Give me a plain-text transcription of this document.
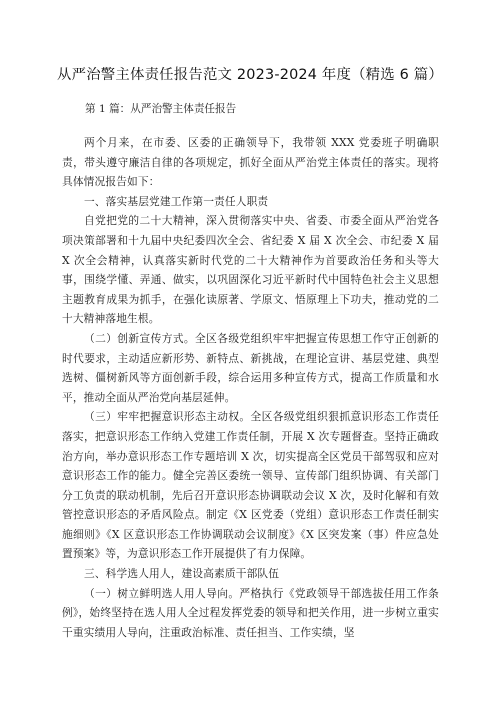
从严治警主体责任报告范文 2023-2024 年度（精选 6 篇）
第 1 篇：从严治警主体责任报告

两个月来，在市委、区委的正确领导下，我带领 XXX 党委班子明确职责，带头遵守廉洁自律的各项规定，抓好全面从严治党主体责任的落实。现将具体情况报告如下：

一、落实基层党建工作第一责任人职责

自党把党的二十大精神，深入贯彻落实中央、省委、市委全面从严治党各项决策部署和十九届中央纪委四次全会、省纪委 X 届 X 次全会、市纪委 X 届 X 次全会精神，认真落实新时代党的二十大精神作为首要政治任务和头等大事，围绕学懂、弄通、做实，以巩固深化习近平新时代中国特色社会主义思想主题教育成果为抓手，在强化读原著、学原文、悟原理上下功夫，推动党的二十大精神落地生根。

（二）创新宣传方式。全区各级党组织牢牢把握宣传思想工作守正创新的时代要求，主动适应新形势、新特点、新挑战，在理论宣讲、基层党建、典型选树、僵树新风等方面创新手段，综合运用多种宣传方式，提高工作质量和水平，推动全面从严治党向基层延伸。

（三）牢牢把握意识形态主动权。全区各级党组织狠抓意识形态工作责任落实，把意识形态工作纳入党建工作责任制，开展 X 次专题督查。坚持正确政治方向，举办意识形态工作专题培训 X 次，切实提高全区党员干部驾驭和应对意识形态工作的能力。健全完善区委统一领导、宣传部门组织协调、有关部门分工负责的联动机制，先后召开意识形态协调联动会议 X 次，及时化解和有效管控意识形态的矛盾风险点。制定《X 区党委（党组）意识形态工作责任制实施细则》《X 区意识形态工作协调联动会议制度》《X 区突发案（事）件应急处置预案》等，为意识形态工作开展提供了有力保障。

三、科学选人用人，建设高素质干部队伍

（一）树立鲜明选人用人导向。严格执行《党政领导干部选拔任用工作条例》，始终坚持在选人用人全过程发挥党委的领导和把关作用，进一步树立重实干重实绩用人导向，注重政治标准、责任担当、工作实绩，坚
